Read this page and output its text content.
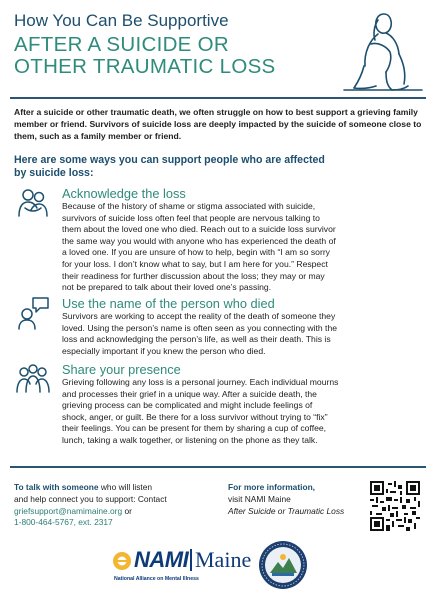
How You Can Be Supportive
AFTER A SUICIDE OR
OTHER TRAUMATIC LOSS
After a suicide or other traumatic death, we often struggle on how to best support a grieving family member or friend. Survivors of suicide loss are deeply impacted by the suicide of someone close to them, such as a family member or friend.
Here are some ways you can support people who are affected
by suicide loss:
Acknowledge the loss
Because of the history of shame or stigma associated with suicide,
survivors of suicide loss often feel that people are nervous talking to
them about the loved one who died. Reach out to a suicide loss survivor
the same way you would with anyone who has experienced the death of
a loved one. If you are unsure of how to help, begin with “I am so sorry
for your loss. I don’t know what to say, but I am here for you.” Respect
their readiness for further discussion about the loss; they may or may
not be prepared to talk about their loved one’s passing.
Use the name of the person who died
Survivors are working to accept the reality of the death of someone they
loved. Using the person’s name is often seen as you connecting with the
loss and acknowledging the person’s life, as well as their death. This is
especially important if you knew the person who died.
Share your presence
Grieving following any loss is a personal journey. Each individual mourns
and processes their grief in a unique way. After a suicide death, the
grieving process can be complicated and might include feelings of
shock, anger, or guilt. Be there for a loss survivor without trying to “fix”
their feelings. You can be present for them by sharing a cup of coffee,
lunch, taking a walk together, or listening on the phone as they talk.
To talk with someone who will listen
and help connect you to support: Contact
griefsupport@namimaine.org or
1-800-464-5767, ext. 2317
For more information,
visit NAMI Maine
After Suicide or Traumatic Loss
NAMI Maine
National Alliance on Mental Illness
